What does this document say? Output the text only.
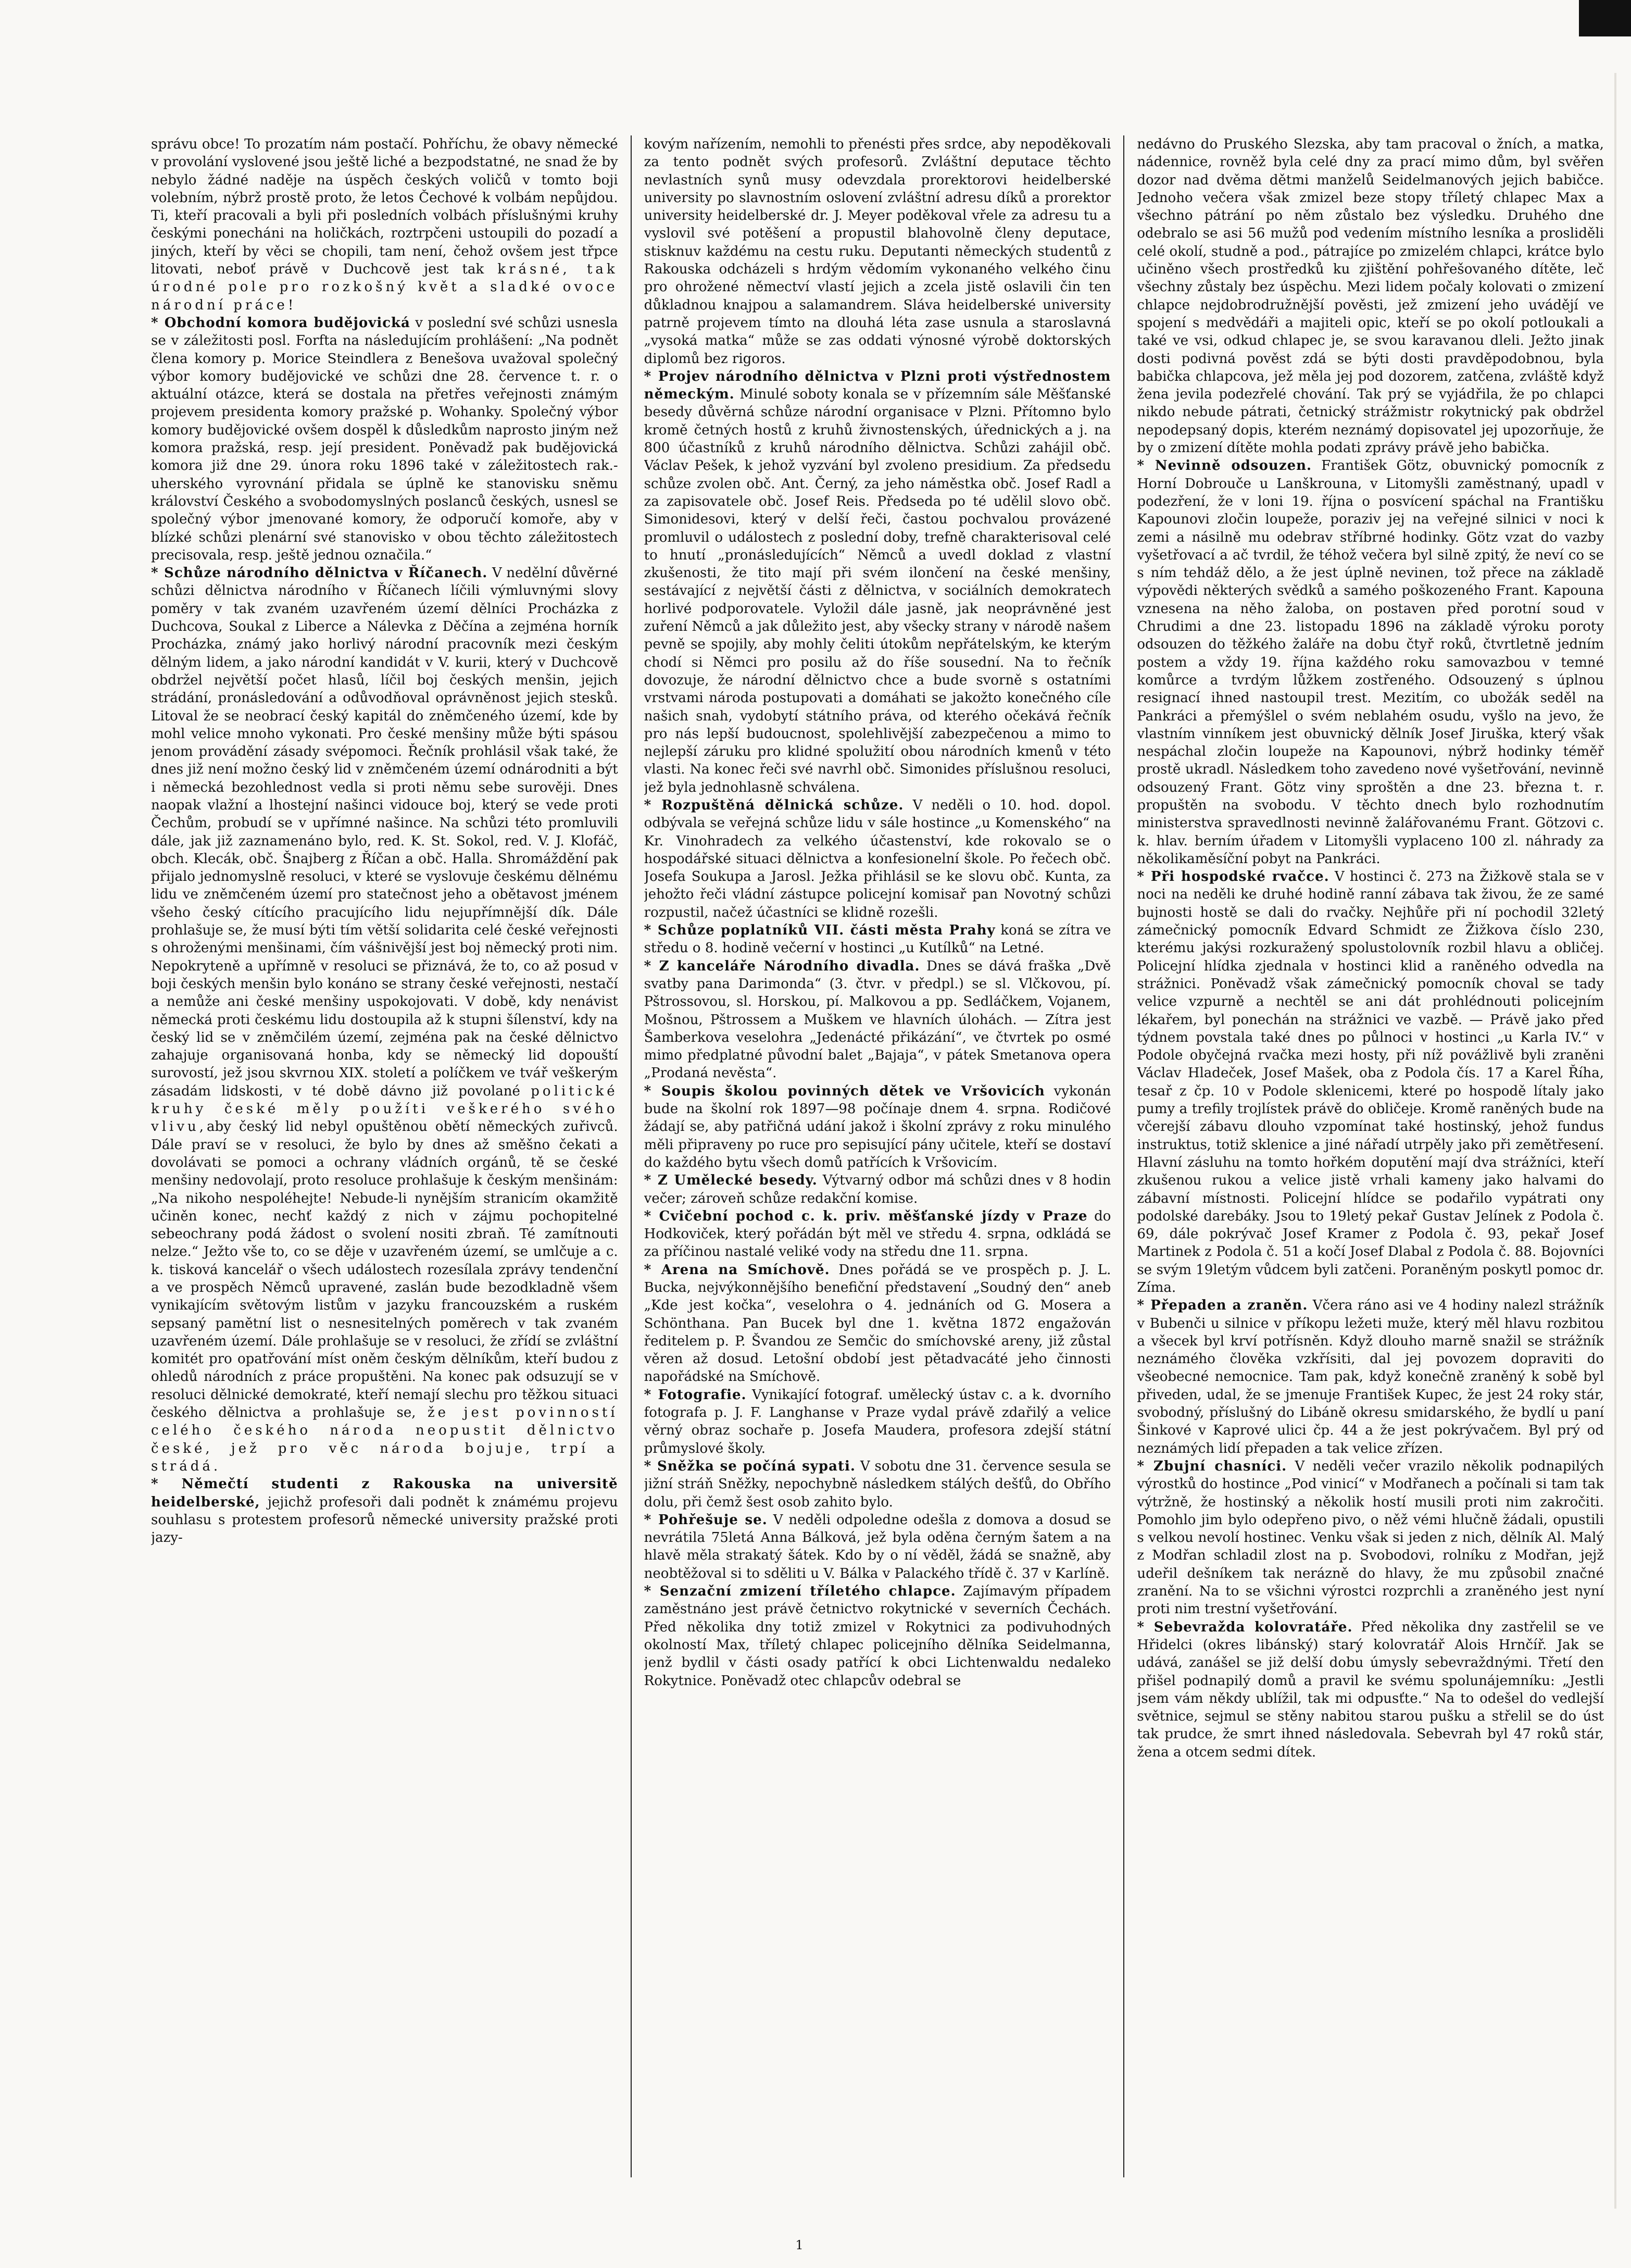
správu obce! To prozatím nám postačí. Pohříchu, že obavy německé v provolání vyslovené jsou ještě liché a bezpodstatné, ne snad že by nebylo žádné naděje na úspěch českých voličů v tomto boji volebním, nýbrž prostě proto, že letos Čechové k volbám nepůjdou. Ti, kteří pracovali a byli při posledních volbách příslušnými kruhy českými ponecháni na holičkách, roztrpčeni ustoupili do pozadí a jiných, kteří by věci se chopili, tam není, čehož ovšem jest třpce litovati, neboť právě v Duchcově jest tak krásné, tak úrodné pole pro rozkošný květ a sladké ovoce národní práce!

* Obchodní komora budějovická v poslední své schůzi usnesla se v záležitosti posl. Forfta na následujícím prohlášení: „Na podnět člena komory p. Morice Steindlera z Benešova uvažoval společný výbor komory budějovické ve schůzi dne 28. července t. r. o aktuální otázce, která se dostala na přetřes veřejnosti známým projevem presidenta komory pražské p. Wohanky. Společný výbor komory budějovické ovšem dospěl k důsledkům naprosto jiným než komora pražská, resp. její president. Poněvadž pak budějovická komora již dne 29. února roku 1896 také v záležitostech rak.-uherského vyrovnání přidala se úplně ke stanovisku sněmu království Českého a svobodomyslných poslanců českých, usnesl se společný výbor jmenované komory, že odporučí komoře, aby v blízké schůzi plenární své stanovisko v obou těchto záležitostech precisovala, resp. ještě jednou označila.“

* Schůze národního dělnictva v Říčanech. V nedělní důvěrné schůzi dělnictva národního v Říčanech líčili výmluvnými slovy poměry v tak zvaném uzavřeném území dělníci Procházka z Duchcova, Soukal z Liberce a Nálevka z Děčína a zejména horník Procházka, známý jako horlivý národní pracovník mezi českým dělným lidem, a jako národní kandidát v V. kurii, který v Duchcově obdržel největší počet hlasů, líčil boj českých menšin, jejich strádání, pronásledování a odůvodňoval oprávněnost jejich stesků. Litoval že se neobrací český kapitál do zněmčeného území, kde by mohl velice mnoho vykonati. Pro české menšiny může býti spásou jenom provádění zásady svépomoci. Řečník prohlásil však také, že dnes již není možno český lid v zněmčeném území odnárodniti a být i německá bezohlednost vedla si proti němu sebe surověji. Dnes naopak vlažní a lhostejní našinci vidouce boj, který se vede proti Čechům, probudí se v upřímné našince. Na schůzi této promluvili dále, jak již zaznamenáno bylo, red. K. St. Sokol, red. V. J. Klofáč, obch. Klecák, obč. Šnajberg z Říčan a obč. Halla. Shromáždění pak přijalo jednomyslně resoluci, v které se vyslovuje českému dělnému lidu ve zněmčeném území pro statečnost jeho a obětavost jménem všeho český cítícího pracujícího lidu nejupřímnější dík. Dále prohlašuje se, že musí býti tím větší solidarita celé české veřejnosti s ohroženými menšinami, čím vášnivější jest boj německý proti nim. Nepokryteně a upřímně v resoluci se přiznává, že to, co až posud v boji českých menšin bylo konáno se strany české veřejnosti, nestačí a nemůže ani české menšiny uspokojovati. V době, kdy nenávist německá proti českému lidu dostoupila až k stupni šílenství, kdy na český lid se v zněmčilém území, zejména pak na české dělnictvo zahajuje organisovaná honba, kdy se německý lid dopouští surovostí, jež jsou skvrnou XIX. století a políčkem ve tvář veškerým zásadám lidskosti, v té době dávno již povolané politické kruhy české měly použíti veškerého svého vlivu,aby český lid nebyl opuštěnou obětí německých zuřivců. Dále praví se v resoluci, že bylo by dnes až směšno čekati a dovolávati se pomoci a ochrany vládních orgánů, tě se české menšiny nedovolají, proto resoluce prohlašuje k českým menšinám: „Na nikoho nespoléhejte! Nebude-li nynějším stranicím okamžitě učiněn konec, nechť každý z nich v zájmu pochopitelné sebeochrany podá žádost o svolení nositi zbraň. Té zamítnouti nelze.“ Ježto vše to, co se děje v uzavřeném území, se umlčuje a c. k. tisková kancelář o všech událostech rozesílala zprávy tendenční a ve prospěch Němců upravené, zaslán bude bezodkladně všem vynikajícím světovým listům v jazyku francouzském a ruském sepsaný pamětní list o nesnesitelných poměrech v tak zvaném uzavřeném území. Dále prohlašuje se v resoluci, že zřídí se zvláštní komitét pro opatřování míst oněm českým dělníkům, kteří budou z ohledů národních z práce propuštěni. Na konec pak odsuzují se v resoluci dělnické demokraté, kteří nemají slechu pro těžkou situaci českého dělnictva a prohlašuje se, že jest povinností celého českého národa neopustit dělnictvo české, jež pro věc národa bojuje, trpí a strádá.

* Němečtí studenti z Rakouska na universitě heidelberské, jejichž profesoři dali podnět k známému projevu souhlasu s protestem profesorů německé university pražské proti jazy-

kovým nařízením, nemohli to přenésti přes srdce, aby nepoděkovali za tento podnět svých profesorů. Zvláštní deputace těchto nevlastních synů musy odevzdala prorektorovi heidelberské university po slavnostním oslovení zvláštní adresu díků a prorektor university heidelberské dr. J. Meyer poděkoval vřele za adresu tu a vyslovil své potěšení a propustil blahovolně členy deputace, stisknuv každému na cestu ruku. Deputanti německých studentů z Rakouska odcházeli s hrdým vědomím vykonaného velkého činu pro ohrožené němectví vlastí jejich a zcela jistě oslavili čin ten důkladnou knajpou a salamandrem. Sláva heidelberské university patrně projevem tímto na dlouhá léta zase usnula a staroslavná „vysoká matka“ může se zas oddati výnosné výrobě doktorských diplomů bez rigoros.

* Projev národního dělnictva v Plzni proti výstřednostem německým. Minulé soboty konala se v přízemním sále Měšťanské besedy důvěrná schůze národní organisace v Plzni. Přítomno bylo kromě četných hostů z kruhů živnostenských, úřednických a j. na 800 účastníků z kruhů národního dělnictva. Schůzi zahájil obč. Václav Pešek, k jehož vyzvání byl zvoleno presidium. Za předsedu schůze zvolen obč. Ant. Černý, za jeho náměstka obč. Josef Radl a za zapisovatele obč. Josef Reis. Předseda po té udělil slovo obč. Simonidesovi, který v delší řeči, častou pochvalou provázené promluvil o událostech z poslední doby, trefně charakterisoval celé to hnutí „pronásledujících“ Němců a uvedl doklad z vlastní zkušenosti, že tito mají při svém ilončení na české menšiny, sestávající z největší části z dělnictva, v sociálních demokratech horlivé podporovatele. Vyložil dále jasně, jak neoprávněné jest zuření Němců a jak důležito jest, aby všecky strany v národě našem pevně se spojily, aby mohly čeliti útokům nepřátelským, ke kterým chodí si Němci pro posilu až do říše sousední. Na to řečník dovozuje, že národní dělnictvo chce a bude svorně s ostatními vrstvami národa postupovati a domáhati se jakožto konečného cíle našich snah, vydobytí státního práva, od kterého očekává řečník pro nás lepší budoucnost, spolehlivější zabezpečenou a mimo to nejlepší záruku pro klidné spolužití obou národních kmenů v této vlasti. Na konec řeči své navrhl obč. Simonides příslušnou resoluci, jež byla jednohlasně schválena.

* Rozpuštěná dělnická schůze. V neděli o 10. hod. dopol. odbývala se veřejná schůze lidu v sále hostince „u Komenského“ na Kr. Vinohradech za velkého účastenství, kde rokovalo se o hospodářské situaci dělnictva a konfesionelní škole. Po řečech obč. Josefa Soukupa a Jarosl. Ježka přihlásil se ke slovu obč. Kunta, za jehožto řeči vládní zástupce policejní komisař pan Novotný schůzi rozpustil, načež účastníci se klidně rozešli.

* Schůze poplatníků VII. části města Prahy koná se zítra ve středu o 8. hodině večerní v hostinci „u Kutílků“ na Letné.

* Z kanceláře Národního divadla. Dnes se dává fraška „Dvě svatby pana Darimonda“ (3. čtvr. v předpl.) se sl. Vlčkovou, pí. Pštrossovou, sl. Horskou, pí. Malkovou a pp. Sedláčkem, Vojanem, Mošnou, Pštrossem a Muškem ve hlavních úlohách. — Zítra jest Šamberkova veselohra „Jedenácté přikázání“, ve čtvrtek po osmé mimo předplatné původní balet „Bajaja“, v pátek Smetanova opera „Prodaná nevěsta“.

* Soupis školou povinných dětek ve Vršovicích vykonán bude na školní rok 1897—98 počínaje dnem 4. srpna. Rodičové žádají se, aby patřičná udání jakož i školní zprávy z roku minulého měli připraveny po ruce pro sepisující pány učitele, kteří se dostaví do každého bytu všech domů patřících k Vršovicím.

* Z Umělecké besedy. Výtvarný odbor má schůzi dnes v 8 hodin večer; zároveň schůze redakční komise.

* Cvičební pochod c. k. priv. měšťanské jízdy v Praze do Hodkoviček, který pořádán být měl ve středu 4. srpna, odkládá se za příčinou nastalé veliké vody na středu dne 11. srpna.

* Arena na Smíchově. Dnes pořádá se ve prospěch p. J. L. Bucka, nejvýkonnějšího benefiční představení „Soudný den“ aneb „Kde jest kočka“, veselohra o 4. jednáních od G. Mosera a Schönthana. Pan Bucek byl dne 1. května 1872 engažován ředitelem p. P. Švandou ze Semčic do smíchovské areny, již zůstal věren až dosud. Letošní období jest pětadvacáté jeho činnosti napořádské na Smíchově.

* Fotografie. Vynikající fotograf. umělecký ústav c. a k. dvorního fotografa p. J. F. Langhanse v Praze vydal právě zdařilý a velice věrný obraz sochaře p. Josefa Maudera, profesora zdejší státní průmyslové školy.

* Sněžka se počíná sypati. V sobotu dne 31. července sesula se jižní stráň Sněžky, nepochybně následkem stálých dešťů, do Obřího dolu, při čemž šest osob zahito bylo.

* Pohřešuje se. V neděli odpoledne odešla z domova a dosud se nevrátila 75letá Anna Bálková, jež byla oděna černým šatem a na hlavě měla strakatý šátek. Kdo by o ní věděl, žádá se snažně, aby neobtěžoval si to sděliti u V. Bálka v Palackého třídě č. 37 v Karlíně.

* Senzační zmizení tříletého chlapce. Zajímavým případem zaměstnáno jest právě četnictvo rokytnické v severních Čechách. Před několika dny totiž zmizel v Rokytnici za podivuhodných okolností Max, tříletý chlapec policejního dělníka Seidelmanna, jenž bydlil v části osady patřící k obci Lichtenwaldu nedaleko Rokytnice. Poněvadž otec chlapcův odebral se

nedávno do Pruského Slezska, aby tam pracoval o žních, a matka, nádennice, rovněž byla celé dny za prací mimo dům, byl svěřen dozor nad dvěma dětmi manželů Seidelmanových jejich babičce. Jednoho večera však zmizel beze stopy tříletý chlapec Max a všechno pátrání po něm zůstalo bez výsledku. Druhého dne odebralo se asi 56 mužů pod vedením místního lesníka a prosliděli celé okolí, studně a pod., pátrajíce po zmizelém chlapci, krátce bylo učiněno všech prostředků ku zjištění pohřešovaného dítěte, leč všechny zůstaly bez úspěchu. Mezi lidem počaly kolovati o zmizení chlapce nejdobrodružnější pověsti, jež zmizení jeho uvádějí ve spojení s medvědáři a majiteli opic, kteří se po okolí potloukali a také ve vsi, odkud chlapec je, se svou karavanou dleli. Ježto jinak dosti podivná pověst zdá se býti dosti pravděpodobnou, byla babička chlapcova, jež měla jej pod dozorem, zatčena, zvláště když žena jevila podezřelé chování. Tak prý se vyjádřila, že po chlapci nikdo nebude pátrati, četnický strážmistr rokytnický pak obdržel nepodepsaný dopis, kterém neznámý dopisovatel jej upozorňuje, že by o zmizení dítěte mohla podati zprávy právě jeho babička.

* Nevinně odsouzen. František Götz, obuvnický pomocník z Horní Dobrouče u Lanškrouna, v Litomyšli zaměstnaný, upadl v podezření, že v loni 19. října o posvícení spáchal na Františku Kapounovi zločin loupeže, poraziv jej na veřejné silnici v noci k zemi a násilně mu odebrav stříbrné hodinky. Götz vzat do vazby vyšetřovací a ač tvrdil, že téhož večera byl silně zpitý, že neví co se s ním tehdáž dělo, a že jest úplně nevinen, tož přece na základě výpovědi některých svědků a samého poškozeného Frant. Kapouna vznesena na něho žaloba, on postaven před porotní soud v Chrudimi a dne 23. listopadu 1896 na základě výroku poroty odsouzen do těžkého žaláře na dobu čtyř roků, čtvrtletně jedním postem a vždy 19. října každého roku samovazbou v temné komůrce a tvrdým lůžkem zostřeného. Odsouzený s úplnou resignací ihned nastoupil trest. Mezitím, co ubožák seděl na Pankráci a přemýšlel o svém neblahém osudu, vyšlo na jevo, že vlastním vinníkem jest obuvnický dělník Josef Jiruška, který však nespáchal zločin loupeže na Kapounovi, nýbrž hodinky téměř prostě ukradl. Následkem toho zavedeno nové vyšetřování, nevinně odsouzený Frant. Götz viny sproštěn a dne 23. března t. r. propuštěn na svobodu. V těchto dnech bylo rozhodnutím ministerstva spravedlnosti nevinně žalářovanému Frant. Götzovi c. k. hlav. berním úřadem v Litomyšli vyplaceno 100 zl. náhrady za několikaměsíční pobyt na Pankráci.

* Při hospodské rvačce. V hostinci č. 273 na Žižkově stala se v noci na neděli ke druhé hodině ranní zábava tak živou, že ze samé bujnosti hostě se dali do rvačky. Nejhůře při ní pochodil 32letý zámečnický pomocník Edvard Schmidt ze Žižkova číslo 230, kterému jakýsi rozkuražený spolustolovník rozbil hlavu a obličej. Policejní hlídka zjednala v hostinci klid a raněného odvedla na strážnici. Poněvadž však zámečnický pomocník choval se tady velice vzpurně a nechtěl se ani dát prohlédnouti policejním lékařem, byl ponechán na strážnici ve vazbě. — Právě jako před týdnem povstala také dnes po půlnoci v hostinci „u Karla IV.“ v Podole obyčejná rvačka mezi hosty, při níž povážlivě byli zraněni Václav Hladeček, Josef Mašek, oba z Podola čís. 17 a Karel Říha, tesař z čp. 10 v Podole sklenicemi, které po hospodě lítaly jako pumy a trefily trojlístek právě do obličeje. Kromě raněných bude na včerejší zábavu dlouho vzpomínat také hostinský, jehož fundus instruktus, totiž sklenice a jiné nářadí utrpěly jako při zemětřesení. Hlavní zásluhu na tomto hořkém doputění mají dva strážníci, kteří zkušenou rukou a velice jistě vrhali kameny jako halvami do zábavní místnosti. Policejní hlídce se podařilo vypátrati ony podolské darebáky. Jsou to 19letý pekař Gustav Jelínek z Podola č. 69, dále pokrývač Josef Kramer z Podola č. 93, pekař Josef Martinek z Podola č. 51 a kočí Josef Dlabal z Podola č. 88. Bojovníci se svým 19letým vůdcem byli zatčeni. Poraněným poskytl pomoc dr. Zíma.

* Přepaden a zraněn. Včera ráno asi ve 4 hodiny nalezl strážník v Bubenči u silnice v příkopu ležeti muže, který měl hlavu rozbitou a všecek byl krví potřísněn. Když dlouho marně snažil se strážník neznámého člověka vzkřísiti, dal jej povozem dopraviti do všeobecné nemocnice. Tam pak, když konečně zraněný k sobě byl přiveden, udal, že se jmenuje František Kupec, že jest 24 roky stár, svobodný, příslušný do Libáně okresu smidarského, že bydlí u paní Šinkové v Kaprové ulici čp. 44 a že jest pokrývačem. Byl prý od neznámých lidí přepaden a tak velice zřízen.

* Zbujní chasníci. V neděli večer vrazilo několik podnapilých výrostků do hostince „Pod vinicí“ v Modřanech a počínali si tam tak výtržně, že hostinský a několik hostí musili proti nim zakročiti. Pomohlo jim bylo odepřeno pivo, o něž vémi hlučně žádali, opustili s velkou nevolí hostinec. Venku však si jeden z nich, dělník Al. Malý z Modřan schladil zlost na p. Svobodovi, rolníku z Modřan, jejž udeřil dešníkem tak nerázně do hlavy, že mu způsobil značné zranění. Na to se všichni výrostci rozprchli a zraněného jest nyní proti nim trestní vyšetřování.

* Sebevražda kolovratáře. Před několika dny zastřelil se ve Hřidelci (okres libánský) starý kolovratář Alois Hrnčíř. Jak se udává, zanášel se již delší dobu úmysly sebevraždnými. Třetí den přišel podnapilý domů a pravil ke svému spolunájemníku: „Jestli jsem vám někdy ublížil, tak mi odpusťte.“ Na to odešel do vedlejší světnice, sejmul se stěny nabitou starou pušku a střelil se do úst tak prudce, že smrt ihned následovala. Sebevrah byl 47 roků stár, žena a otcem sedmi dítek.

1
